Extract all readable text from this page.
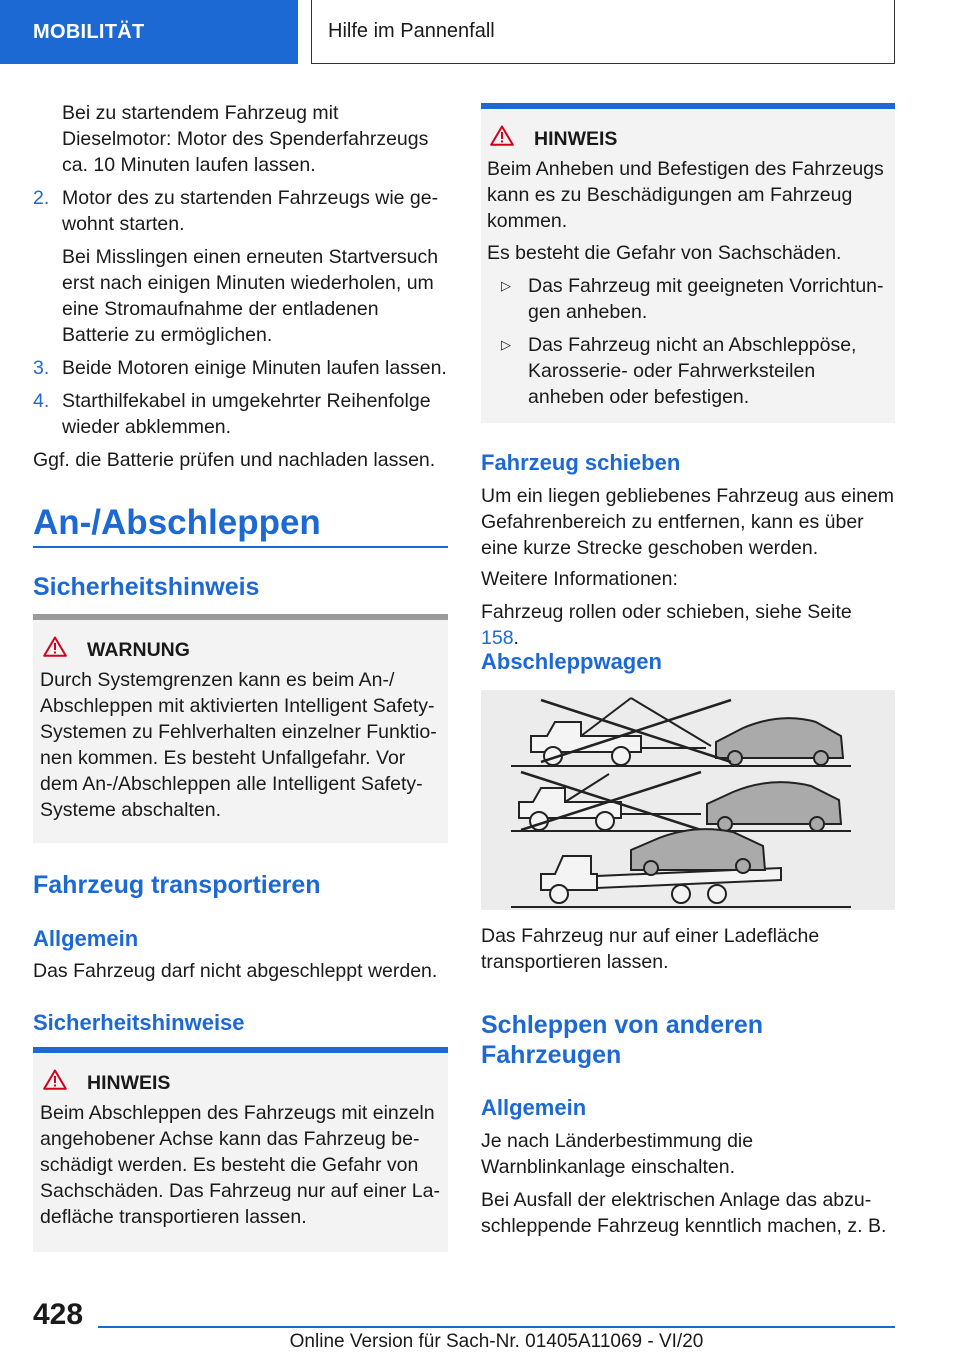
MOBILITÄT	Hilfe im Pannenfall

Bei zu startendem Fahrzeug mit Dieselmotor: Motor des Spenderfahrzeugs ca. 10 Minuten laufen lassen.

2. Motor des zu startenden Fahrzeugs wie gewohnt starten.

Bei Misslingen einen erneuten Startversuch erst nach einigen Minuten wiederholen, um eine Stromaufnahme der entladenen Batterie zu ermöglichen.

3. Beide Motoren einige Minuten laufen lassen.

4. Starthilfekabel in umgekehrter Reihenfolge wieder abklemmen.

Ggf. die Batterie prüfen und nachladen lassen.

An-/Abschleppen
Sicherheitshinweis
WARNUNG

Durch Systemgrenzen kann es beim An-/ Abschleppen mit aktivierten Intelligent Safety-Systemen zu Fehlverhalten einzelner Funktionen kommen. Es besteht Unfallgefahr. Vor dem An-/Abschleppen alle Intelligent Safety-Systeme abschalten.

Fahrzeug transportieren
Allgemein

Das Fahrzeug darf nicht abgeschleppt werden.

Sicherheitshinweise
HINWEIS

Beim Abschleppen des Fahrzeugs mit einzeln angehobener Achse kann das Fahrzeug beschädigt werden. Es besteht die Gefahr von Sachschäden. Das Fahrzeug nur auf einer Ladefläche transportieren lassen.

HINWEIS

Beim Anheben und Befestigen des Fahrzeugs kann es zu Beschädigungen am Fahrzeug kommen.

Es besteht die Gefahr von Sachschäden.

▷ Das Fahrzeug mit geeigneten Vorrichtungen anheben.
▷ Das Fahrzeug nicht an Abschleppöse, Karosserie- oder Fahrwerksteilen anheben oder befestigen.
Fahrzeug schieben

Um ein liegen gebliebenes Fahrzeug aus einem Gefahrenbereich zu entfernen, kann es über eine kurze Strecke geschoben werden.

Weitere Informationen:

Fahrzeug rollen oder schieben, siehe Seite 158.

Abschleppwagen

Das Fahrzeug nur auf einer Ladefläche transportieren lassen.

Schleppen von anderen Fahrzeugen
Allgemein

Je nach Länderbestimmung die Warnblinkanlage einschalten.

Bei Ausfall der elektrischen Anlage das abzuschleppende Fahrzeug kenntlich machen, z. B.

428
Online Version für Sach-Nr. 01405A11069 - VI/20
